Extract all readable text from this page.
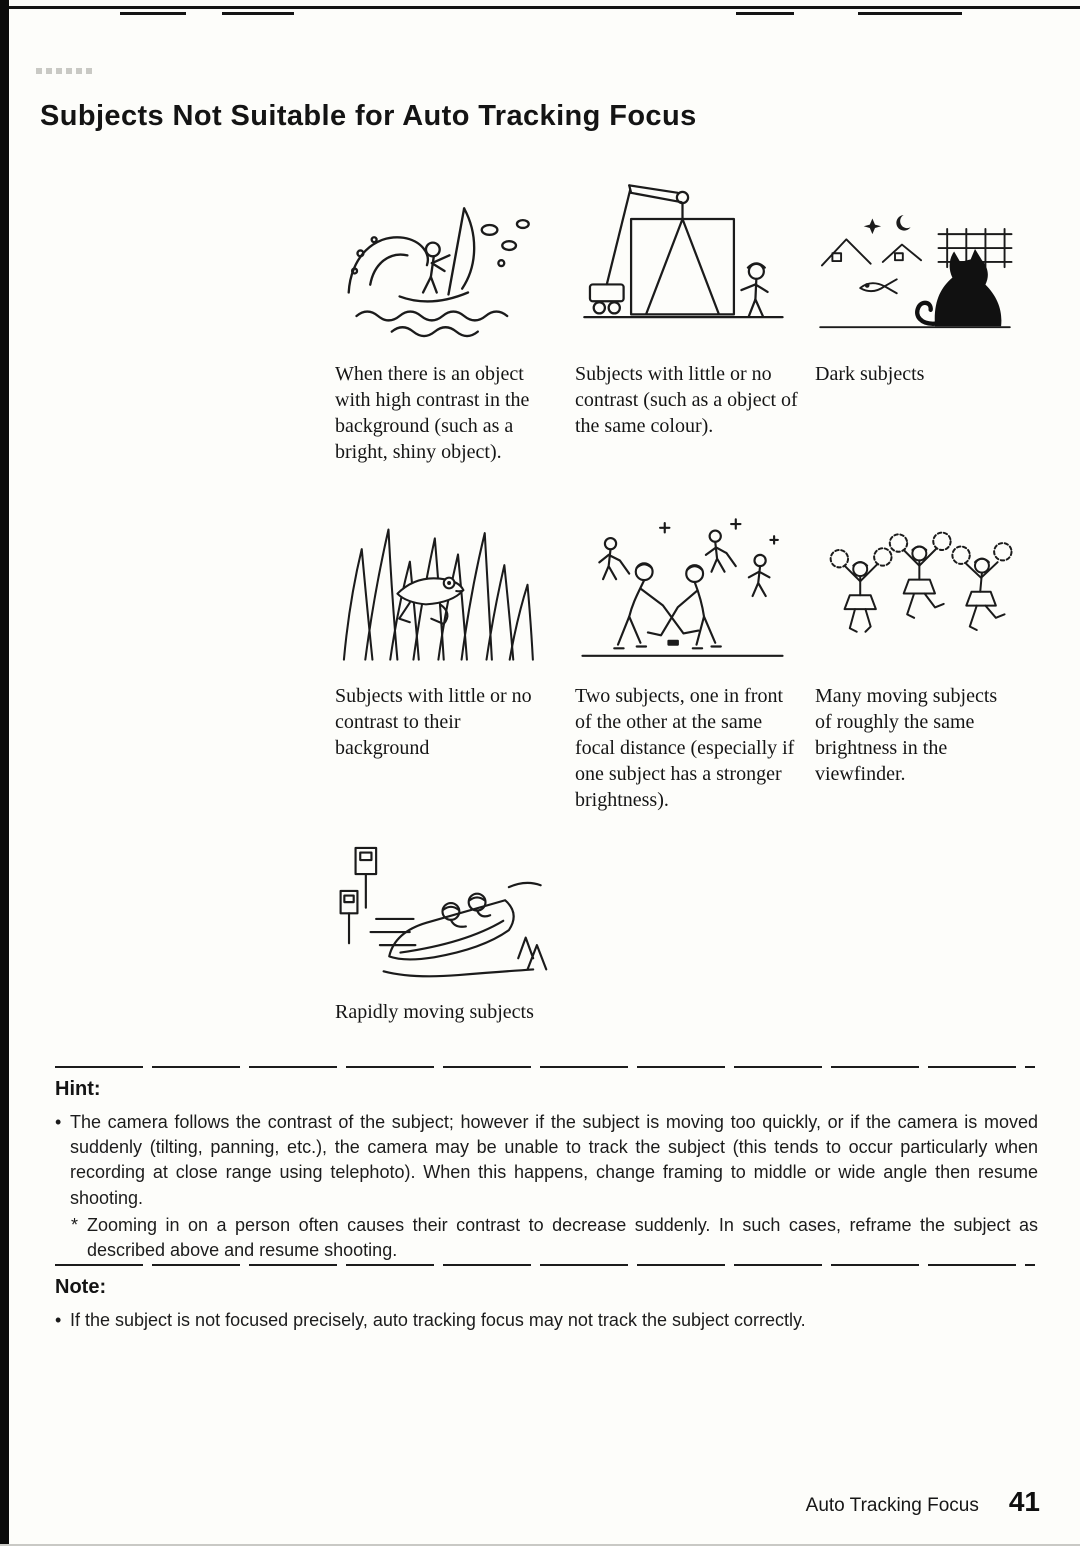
Subjects Not Suitable for Auto Tracking Focus
When there is an object with high contrast in the background (such as a bright, shiny object).
Subjects with little or no contrast (such as a object of the same colour).
Dark subjects
Subjects with little or no contrast to their background
Two subjects, one in front of the other at the same focal distance (especially if one subject has a stronger brightness).
Many moving subjects of roughly the same brightness in the viewfinder.
Rapidly moving subjects
Hint:
• The camera follows the contrast of the subject; however if the subject is moving too quickly, or if the camera is moved suddenly (tilting, panning, etc.), the camera may be unable to track the subject (this tends to occur particularly when recording at close range using telephoto). When this happens, change framing to middle or wide angle then resume shooting.

* Zooming in on a person often causes their contrast to decrease suddenly. In such cases, reframe the subject as described above and resume shooting.

Note:
• If the subject is not focused precisely, auto tracking focus may not track the subject correctly.

Auto Tracking Focus 41
